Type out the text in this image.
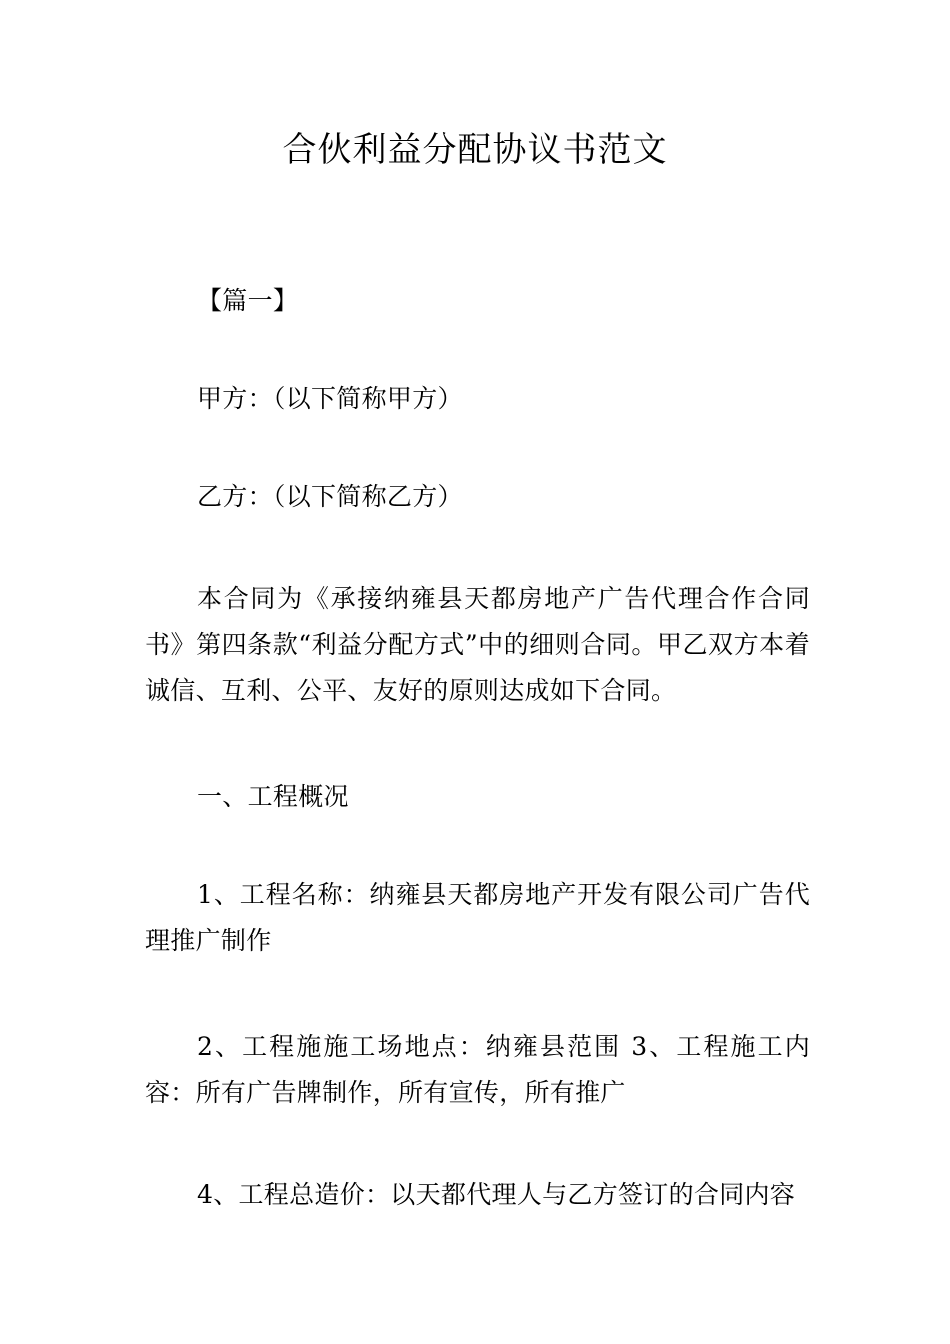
合伙利益分配协议书范文
【篇一】
甲方：（以下简称甲方）
乙方：（以下简称乙方）
本合同为《承接纳雍县天都房地产广告代理合作合同书》第四条款“利益分配方式”中的细则合同。甲乙双方本着诚信、互利、公平、友好的原则达成如下合同。
一、工程概况
1、工程名称：纳雍县天都房地产开发有限公司广告代理推广制作
2、工程施施工场地点：纳雍县范围 3、工程施工内容：所有广告牌制作，所有宣传，所有推广
4、工程总造价：以天都代理人与乙方签订的合同内容
